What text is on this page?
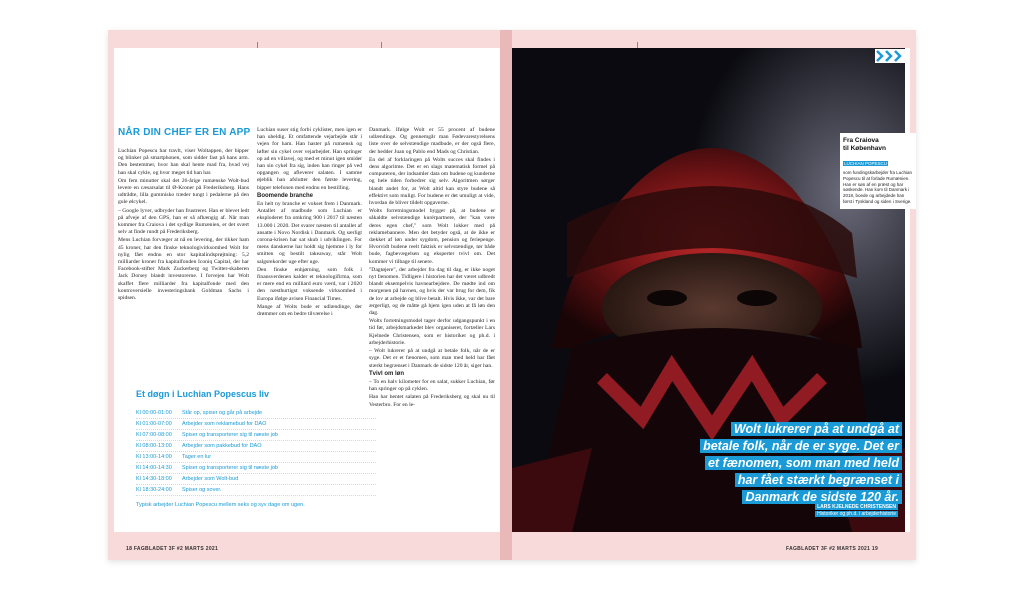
NÅR DIN CHEF ER EN APP

Luchian Popescu har travlt, viser Woltappen, der bipper og blinker på smartphonen, som sidder fast på hans arm. Den bestemmer, hvor han skal hente mad fra, hvad vej han skal cykle, og hvor meget tid han har.

Om fem minutter skal det 26-årige rumænske Wolt-bud levere en cæsarsalat til Ø-Kroner på Frederiksberg. Hans udtrådte, lilla gummisko træder tungt i pedalerne på den gule ølcykel.

– Google lyver, udbryder han frustreret. Han er blevet ledt på afveje af den GPS, han er så afhængig af. Når man kommer fra Craiova i det sydlige Rumænien, er det svært selv at finde rundt på Frederiksberg.

Mens Luchian forvæger at nå en levering, der tikker ham 45 kroner, har den finske teknologivirksomhed Wolt for nylig fået endnu en stor kapitalindsprøjtning: 5,2 milliarder kroner fra kapitalfonden Iconiq Capital, der har Facebook-stifter Mark Zuckerberg og Twitter-skaberen Jack Dorsey blandt investorerne. I forvejen har Wolt skaffet flere milliarder fra kapitalfonde med den kontroversielle investeringsbank Goldman Sachs i spidsen.

Luchian suser stig forbi cyklister, men igen er han uheldig. Et omfattende vejarbejde står i vejen for ham. Han haster på rumænsk og løfter sin cykel over vejarbejdet. Han springer op ad en villavej, og med et minut igen smider han sin cykel fra sig, inden han ringer på ved opgangen og afleverer salaten. I samme øjeblik han afslutter den første levering, bipper telefonen med endnu en bestilling.

Boomende branche

En helt ny branche er vokset frem i Danmark. Antallet af madbude som Luchian er eksploderet fra omkring 900 i 2017 til næsten 13.000 i 2020. Det svarer næsten til antallet af ansatte i Novo Nordisk i Danmark. Og særligt corona-krisen har sat skub i udviklingen. For mens danskerne har holdt sig hjemme i ly for smitten og bestilt takeaway, står Wolt salgsrekorder uge efter uge.

Den finske enhjørning, som folk i finansverdenen kalder et teknologifirma, som er mere end en milliard euro værd, var i 2020 den næsthurtigst voksende virksomhed i Europa ifølge avisen Financial Times.

Mange af Wolts bude er udlændinge, der drømmer om en bedre tilværelse i

Danmark. Ifølge Wolt er 55 procent af budene udlændinge. Og gennemgår man Fødevarestyrelsens liste over de selvstændige madbude, er der også flere, der hedder Juan og Pablo end Mads og Christian.

En del af forklaringen på Wolts succes skal findes i dens algoritme. Det er en slags matematisk formel på computeren, der indsamler data om budene og kunderne og hele tiden forbedrer sig selv. Algoritmen sørger blandt andet for, at Wolt altid kan styre budene så effektivt som muligt. For budene er det umuligt at vide, hvordan de bliver tildelt opgaverne.

Wolts forretningsmodel bygger på, at budene er såkaldte selvstændige kurérpartnere, der "kan være deres egen chef," som Wolt lokker med på reklamebannere. Men det betyder også, at de ikke er dækket af løn under sygdom, pension og feriepenge. Hvorvidt budene reelt faktisk er selvstændige, tør både bude, fagbevægelsen og eksperter tvivl om. Det kommer vi tilbage til senere.

"Dagtøjere", der arbejder fra dag til dag, er ikke noget nyt fænomen. Tidligere i historien har det været udbredt blandt eksempelvis havnearbejdere. De mødte ind om morgenen på havnen, og hvis der var brug for dem, fik de lov at arbejde og blive betalt. Hvis ikke, var det bare ærgerligt, og de måtte gå hjem igen uden at få løn den dag.

Wolts forretningsmodel tager derfor udgangspunkt i en tid før, arbejdsmarkedet blev organiseret, fortæller Lars Kjelnede Christensen, som er historiker og ph.d. i arbejderhistorie.

– Wolt lukrerer på at undgå at betale folk, når de er syge. Det er et fænomen, som man med held har fået stærkt begrænset i Danmark de sidste 120 år, siger han.

Tvivl om løn

– To en halv kilometer for en salat, sukker Luchian, før han springer op på cyklen.

Han har hentet salaten på Frederiksberg og skal nu til Vesterbro. For en le-

Et døgn i Luchian Popescus liv
Kl 00:00-01:00	Står op, spiser og går på arbejde
Kl 01:00-07:00	Arbejder som reklamebud for DAO
Kl 07:00-08:00	Spiser og transporterer sig til næste job
Kl 08:00-13:00	Arbejder som pakkebud for DAO
Kl 13:00-14:00	Tager en lur
Kl 14:00-14:30	Spiser og transporterer sig til næste job
Kl 14:30-18:00	Arbejder som Wolt-bud
Kl 18:30-24:00	Spiser og sover.
Typisk arbejder Luchian Popescu mellem seks og syv dage om ugen.
18 FAGBLADET 3F #2 MARTS 2021	FAGBLADET 3F #2 MARTS 2021 19
Fra Craiova
til København
LUCHIAN POPESCU
som fundingskarbejder fra Luchian Popescu til at forlade Rumænien. Han er søn af en præst og har søskende. Han kom til Danmark i 2018, boede og arbejdede han først i Tyskland og siden i Sverige.
Wolt lukrerer på at undgå at
betale folk, når de er syge. Det er
et fænomen, som man med held
har fået stærkt begrænset i
Danmark de sidste 120 år.
LARS KJELNEDE CHRISTENSEN
Historiker og ph.d. i arbejderhistorie
